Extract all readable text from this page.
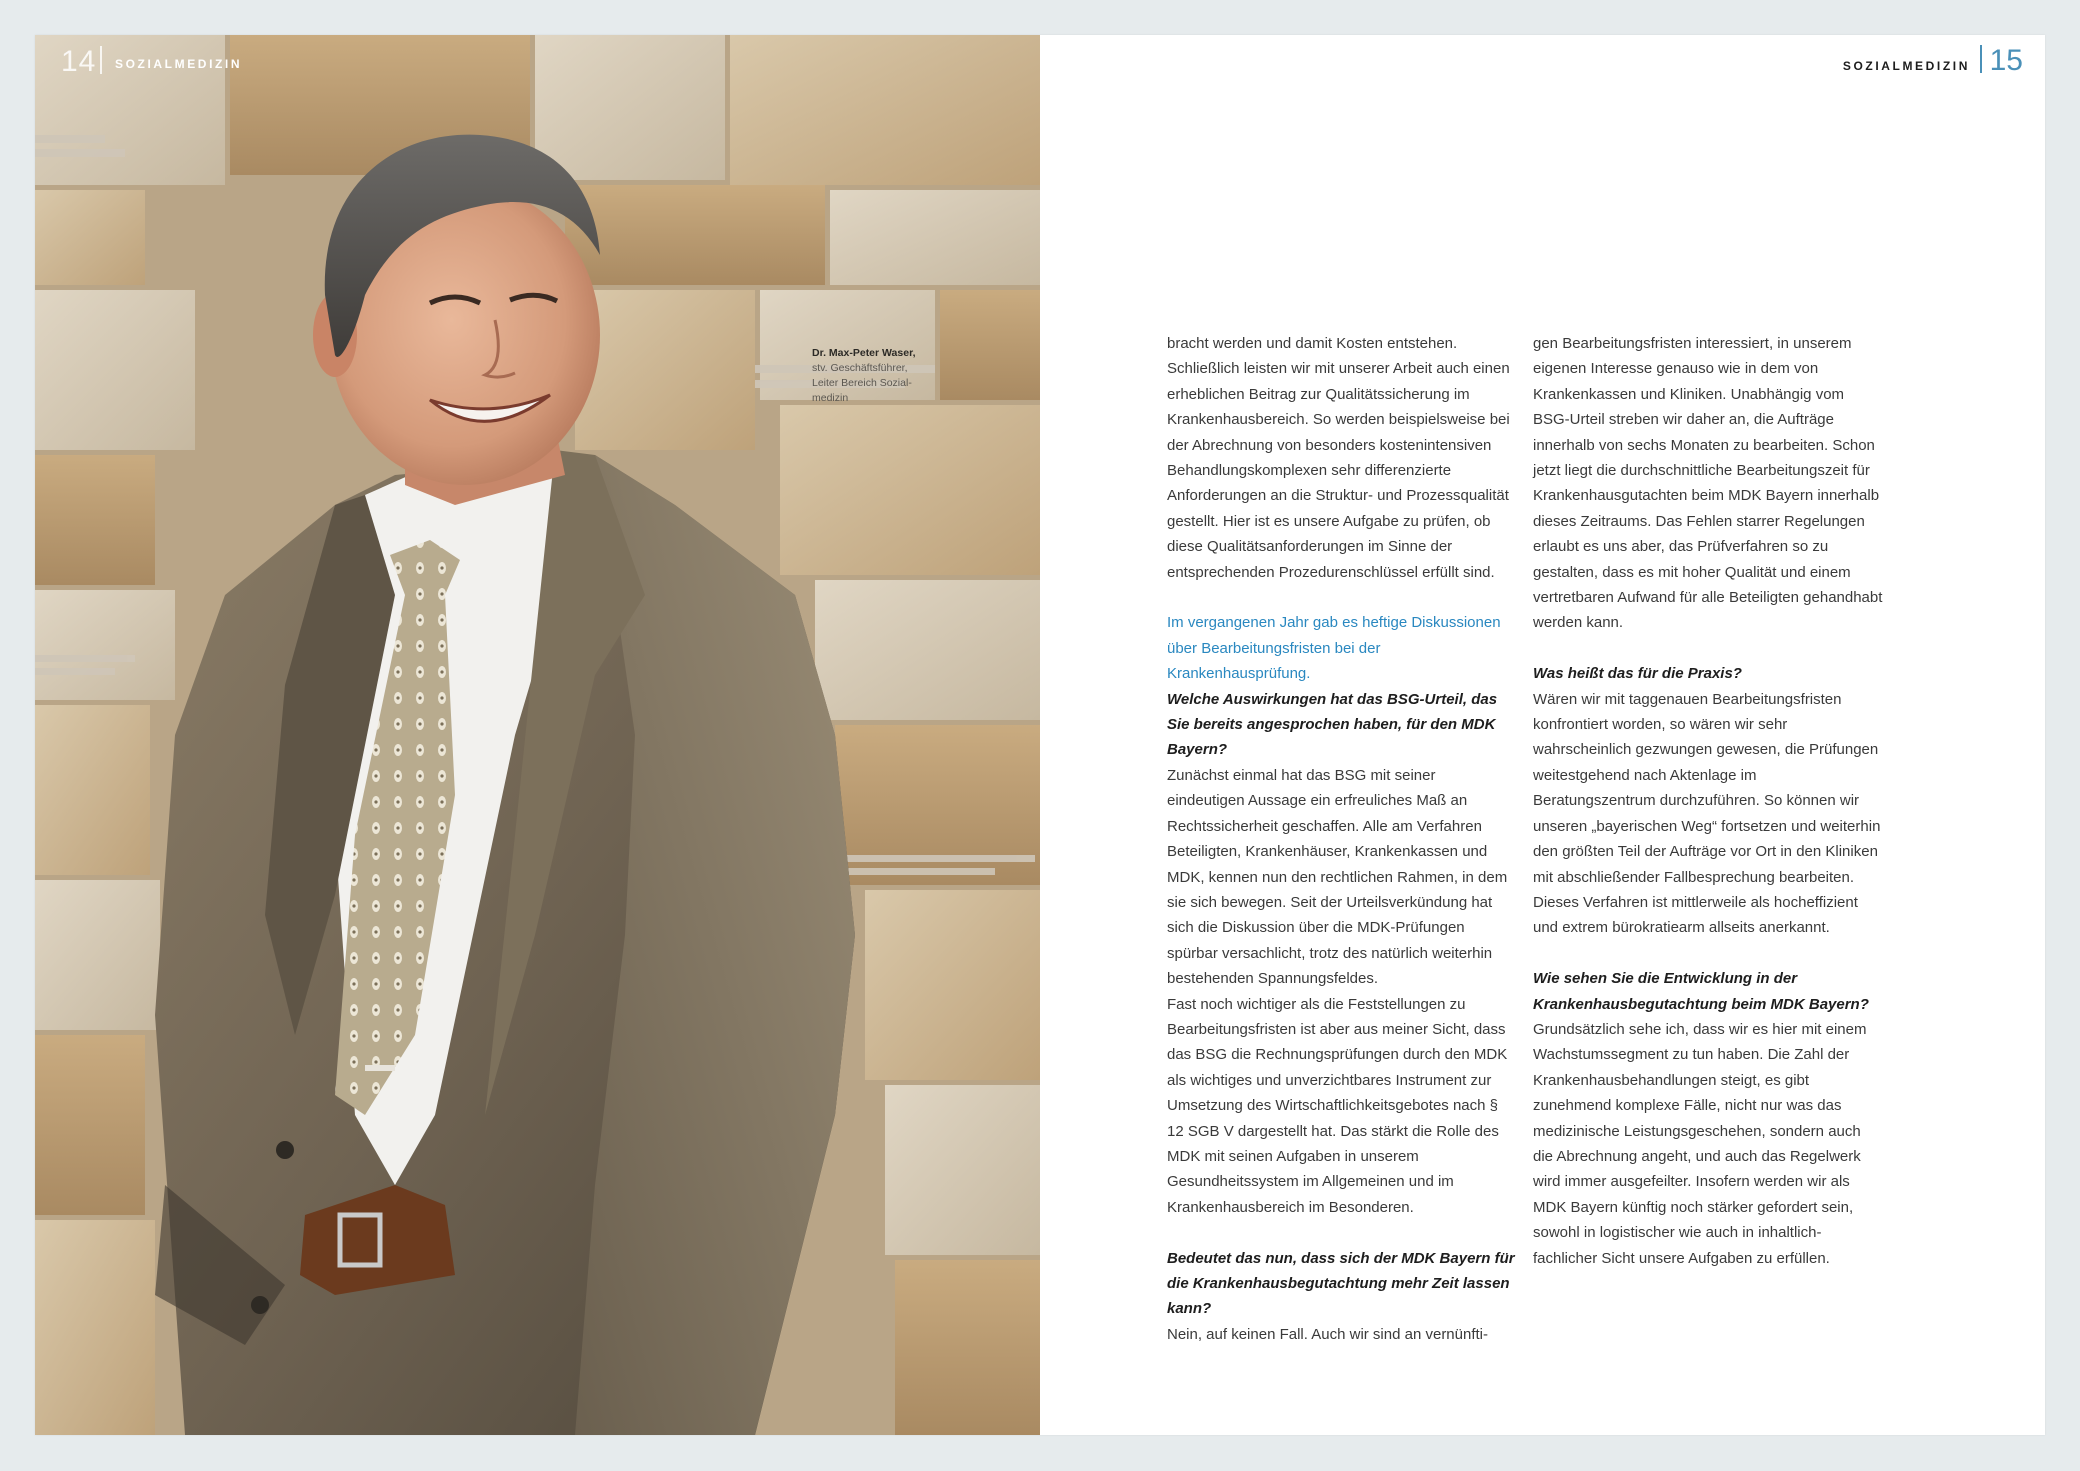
14	SOZIALMEDIZIN
Dr. Max-Peter Waser,
stv. Geschäftsführer, Leiter Bereich Sozialmedizin
SOZIALMEDIZIN 15

bracht werden und damit Kosten entstehen. Schließlich leisten wir mit unserer Arbeit auch einen erheblichen Beitrag zur Qualitätssicherung im Krankenhausbereich. So werden beispielsweise bei der Abrechnung von besonders kostenintensiven Behandlungskomplexen sehr differenzierte Anforderungen an die Struktur- und Prozessqualität gestellt. Hier ist es unsere Aufgabe zu prüfen, ob diese Qualitätsanforderungen im Sinne der entsprechenden Prozedurenschlüssel erfüllt sind.

Im vergangenen Jahr gab es heftige Diskussionen über Bearbeitungsfristen bei der Krankenhausprüfung.

Welche Auswirkungen hat das BSG-Urteil, das Sie bereits angesprochen haben, für den MDK Bayern?

Zunächst einmal hat das BSG mit seiner eindeutigen Aussage ein erfreuliches Maß an Rechtssicherheit geschaffen. Alle am Verfahren Beteiligten, Krankenhäuser, Krankenkassen und MDK, kennen nun den rechtlichen Rahmen, in dem sie sich bewegen. Seit der Urteilsverkündung hat sich die Diskussion über die MDK-Prüfungen spürbar versachlicht, trotz des natürlich weiterhin bestehenden Spannungsfeldes.

Fast noch wichtiger als die Feststellungen zu Bearbeitungsfristen ist aber aus meiner Sicht, dass das BSG die Rechnungsprüfungen durch den MDK als wichtiges und unverzichtbares Instrument zur Umsetzung des Wirtschaftlichkeitsgebotes nach § 12 SGB V dargestellt hat. Das stärkt die Rolle des MDK mit seinen Aufgaben in unserem Gesundheitssystem im Allgemeinen und im Krankenhausbereich im Besonderen.

Bedeutet das nun, dass sich der MDK Bayern für die Krankenhausbegutachtung mehr Zeit lassen kann?

Nein, auf keinen Fall. Auch wir sind an vernünfti-

gen Bearbeitungsfristen interessiert, in unserem eigenen Interesse genauso wie in dem von Krankenkassen und Kliniken. Unabhängig vom BSG-Urteil streben wir daher an, die Aufträge innerhalb von sechs Monaten zu bearbeiten. Schon jetzt liegt die durchschnittliche Bearbeitungszeit für Krankenhausgutachten beim MDK Bayern innerhalb dieses Zeitraums. Das Fehlen starrer Regelungen erlaubt es uns aber, das Prüfverfahren so zu gestalten, dass es mit hoher Qualität und einem vertretbaren Aufwand für alle Beteiligten gehandhabt werden kann.

Was heißt das für die Praxis?

Wären wir mit taggenauen Bearbeitungsfristen konfrontiert worden, so wären wir sehr wahrscheinlich gezwungen gewesen, die Prüfungen weitestgehend nach Aktenlage im Beratungszentrum durchzuführen. So können wir unseren „bayerischen Weg“ fortsetzen und weiterhin den größten Teil der Aufträge vor Ort in den Kliniken mit abschließender Fallbesprechung bearbeiten. Dieses Verfahren ist mittlerweile als hocheffizient und extrem bürokratiearm allseits anerkannt.

Wie sehen Sie die Entwicklung in der Krankenhausbegutachtung beim MDK Bayern?

Grundsätzlich sehe ich, dass wir es hier mit einem Wachstumssegment zu tun haben. Die Zahl der Krankenhausbehandlungen steigt, es gibt zunehmend komplexe Fälle, nicht nur was das medizinische Leistungsgeschehen, sondern auch die Abrechnung angeht, und auch das Regelwerk wird immer ausgefeilter. Insofern werden wir als MDK Bayern künftig noch stärker gefordert sein, sowohl in logistischer wie auch in inhaltlich-fachlicher Sicht unsere Aufgaben zu erfüllen.
